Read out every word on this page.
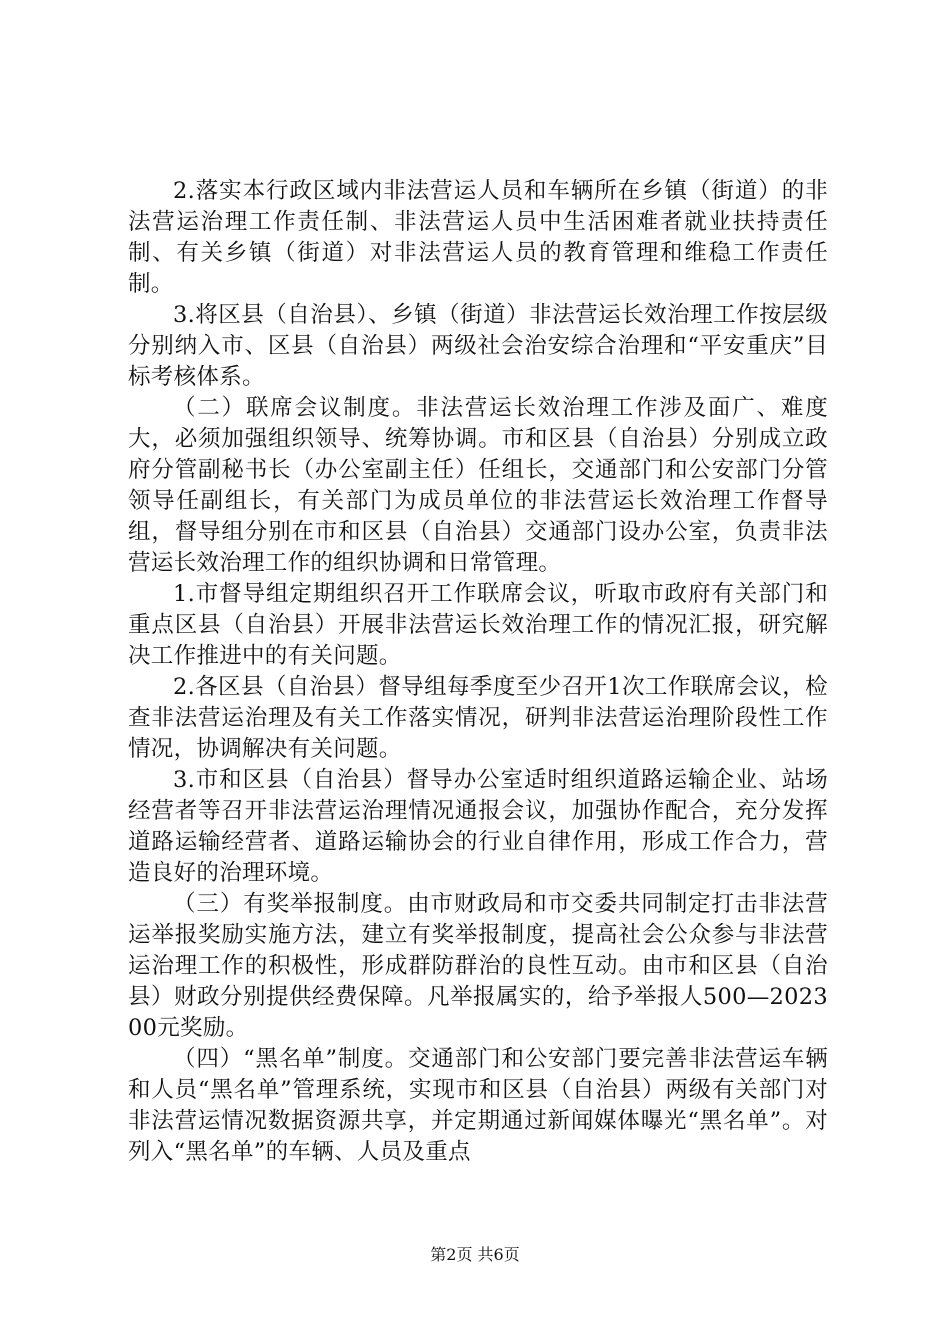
2.落实本行政区域内非法营运人员和车辆所在乡镇（街道）的非法营运治理工作责任制、非法营运人员中生活困难者就业扶持责任制、有关乡镇（街道）对非法营运人员的教育管理和维稳工作责任制。

3.将区县（自治县）、乡镇（街道）非法营运长效治理工作按层级分别纳入市、区县（自治县）两级社会治安综合治理和“平安重庆”目标考核体系。

（二）联席会议制度。非法营运长效治理工作涉及面广、难度大，必须加强组织领导、统筹协调。市和区县（自治县）分别成立政府分管副秘书长（办公室副主任）任组长，交通部门和公安部门分管领导任副组长，有关部门为成员单位的非法营运长效治理工作督导组，督导组分别在市和区县（自治县）交通部门设办公室，负责非法营运长效治理工作的组织协调和日常管理。

1.市督导组定期组织召开工作联席会议，听取市政府有关部门和重点区县（自治县）开展非法营运长效治理工作的情况汇报，研究解决工作推进中的有关问题。

2.各区县（自治县）督导组每季度至少召开1次工作联席会议，检查非法营运治理及有关工作落实情况，研判非法营运治理阶段性工作情况，协调解决有关问题。

3.市和区县（自治县）督导办公室适时组织道路运输企业、站场经营者等召开非法营运治理情况通报会议，加强协作配合，充分发挥道路运输经营者、道路运输协会的行业自律作用，形成工作合力，营造良好的治理环境。

（三）有奖举报制度。由市财政局和市交委共同制定打击非法营运举报奖励实施方法，建立有奖举报制度，提高社会公众参与非法营运治理工作的积极性，形成群防群治的良性互动。由市和区县（自治县）财政分别提供经费保障。凡举报属实的，给予举报人500—202300元奖励。

（四）“黑名单”制度。交通部门和公安部门要完善非法营运车辆和人员“黑名单”管理系统，实现市和区县（自治县）两级有关部门对非法营运情况数据资源共享，并定期通过新闻媒体曝光“黑名单”。对列入“黑名单”的车辆、人员及重点

第2页 共6页
